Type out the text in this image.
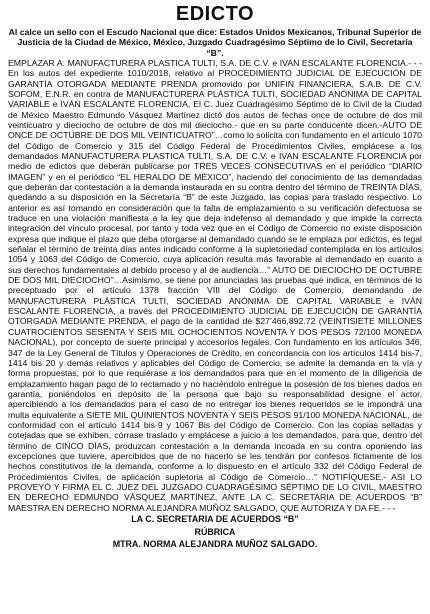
EDICTO

Al calce un sello con el Escudo Nacional que dice: Estados Unidos Mexicanos, Tribunal Superior de Justicia de la Ciudad de México, México, Juzgado Cuadragésimo Séptimo de lo Civil, Secretaría “B”.

EMPLAZAR A: MANUFACTURERA PLASTICA TULTI, S.A. DE C.V. e IVAN ESCALANTE FLORENCIA.- - - En los autos del expediente 1010/2018, relativo al PROCEDIMIENTO JUDICIAL DE EJECUCIÓN DE GARANTÍA OTORGADA MEDIANTE PRENDA promovido por UNIFIN FINANCIERA, S.A.B. DE C.V. SOFOM, E.N.R. en contra de MANUFACTURERA PLÁSTICA TULTI, SOCIEDAD ANÓNIMA DE CAPITAL VARIABLE e IVÁN ESCALANTE FLORENCIA, El C. Juez Cuadragésimo Séptimo de lo Civil de la Ciudad de México Maestro Edmundo Vásquez Martínez dictó dos autos de fechas once de octubre de dos mil veinticuatro y dieciocho de octubre de dos mil dieciocho.- que en su parte conducente dicen.-AUTO DE ONCE DE OCTUBRE DE DOS MIL VEINTICUATRO”…como lo solicita con fundamento en el artículo 1070 del Código de Comercio y 315 del Código Federal de Procedimientos Civiles, emplácese a los demandados MANUFACTURERA PLASTICA TULTI, S.A. DE C.V. e IVAN ESCALANTE FLORENCIA por medio de edictos que deberán publicarse por TRES VECES CONSECUTIVAS en el periódico “DIARIO IMAGEN” y en el periódico “EL HERALDO DE MÉXICO”, haciendo del conocimiento de las demandadas que deberán dar contestación a la demanda instaurada en su contra dentro del término de TREINTA DÍAS, quedando a su disposición en la Secretaría “B” de este Juzgado, las copias para traslado respectivo. Lo anterior es así tomando en consideración que la falta de emplazamiento o su verificación defectuosa se traduce en una violación manifiesta a la ley que deja indefenso al demandado y que impide la correcta integración del vínculo procesal, por tanto y toda vez que en el Código de Comercio no existe disposición expresa que indique el plazo que deba otorgarse al demandado cuando se le emplaza por edictos, es legal señalar el término de treinta días antes indicado conforme a la supletoriedad contemplada en los artículos 1054 y 1063 del Código de Comercio, cuya aplicación resulta más favorable al demandado en cuanto a sus derechos fundamentales al debido proceso y al de audiencia…” AUTO DE DIECIOCHO DE OCTUBRE DE DOS MIL DIECIOCHO”…Asimismo, se tiene por anunciadas las pruebas que indica, en términos de lo preceptuado por el artículo 1378 fracción VIII del Código de Comercio, demandando de MANUFACTURERA PLÁSTICA TULTI, SOCIEDAD ANÓNIMA DE CAPITAL VARIABLE e IVÁN ESCALANTE FLORENCIA, a través del PROCEDIMIENTO JUDICIAL DE EJECUCIÓN DE GARANTÍA OTORGADA MEDIANTE PRENDA, el pago de la cantidad de $27’466,892.72 (VEINTISIETE MILLONES CUATROCIENTOS SESENTA Y SEIS MIL OCHOCIENTOS NOVENTA Y DOS PESOS 72/100 MONEDA NACIONAL), por concepto de suerte principal y accesorios legales. Con fundamento en los artículos 346, 347 de la Ley General de Títulos y Operaciones de Crédito, en concordancia con los artículos 1414 bis-7, 1414 bis 20 y demás relativos y aplicables del Código de Comercio, se admite la demanda en la vía y forma propuestas, por lo que requiérase a los demandados para que en el momento de la diligencia de emplazamiento hagan pago de lo reclamado y no haciéndolo entregue la posesión de los bienes dados en garantía, poniéndolos en depósito de la persona que bajo su responsabilidad designe el actor, apercibiendo a los demandados para el caso de no entregar los bienes requeridos se le impondrá una multa equivalente a SIETE MIL QUINIENTOS NOVENTA Y SEIS PESOS 91/100 MONEDA NACIONAL, de conformidad con el artículo 1414 bis-9 y 1067 Bis del Código de Comercio. Con las copias selladas y cotejadas que se exhiben, córrase traslado y emplácese a juicio a los demandados, para que, dentro del término de CINCO DÍAS, produzcan contestación a la demanda incoada en su contra oponiendo las excepciones que tuviere, apercibidos que de no hacerlo se les tendrán por confesos fictamente de los hechos constitutivos de la demanda, conforme a lo dispuesto en el artículo 332 del Código Federal de Procedimientos Civiles, de aplicación supletoria al Código de Comercio…” NOTIFÍQUESE.- ASI LO PROVEYÓ Y FIRMA EL C. JUEZ DEL JUZGADO CUADRAGÉSIMO SÉPTIMO DE LO CIVIL, MAESTRO EN DERECHO EDMUNDO VÁSQUEZ MARTÍNEZ, ANTE LA C. SECRETARIA DE ACUERDOS “B” MAESTRA EN DERECHO NORMA ALEJANDRA MUÑOZ SALGADO, QUE AUTORIZA Y DA FE.- - -

LA C. SECRETARIA DE ACUERDOS “B”

RÚBRICA

MTRA. NORMA ALEJANDRA MUÑOZ SALGADO.
